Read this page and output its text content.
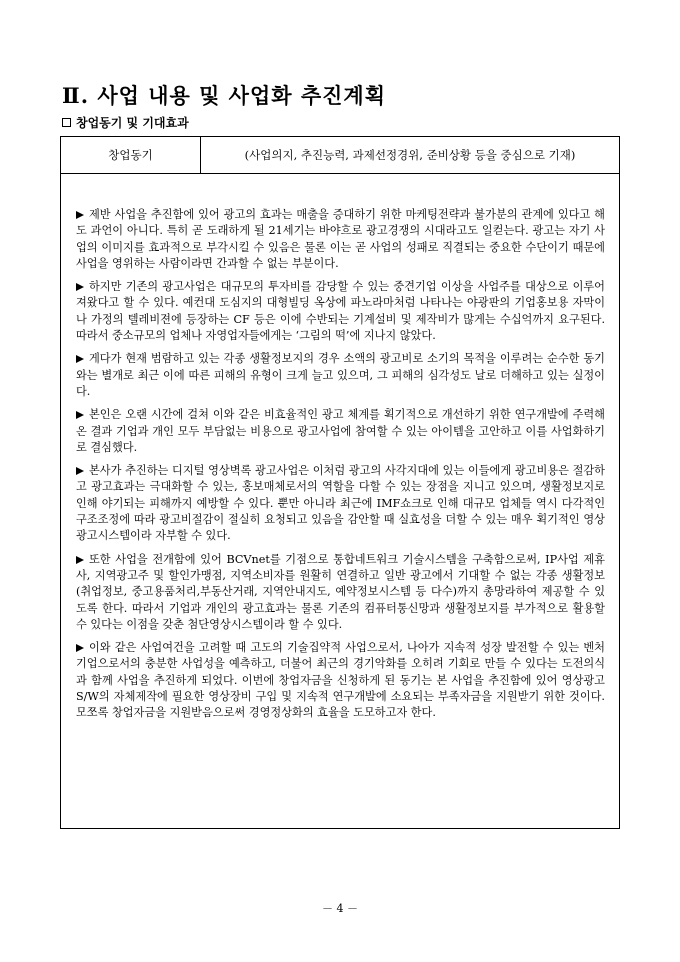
Ⅱ. 사업 내용 및 사업화 추진계획
창업동기 및 기대효과
창업동기	(사업의지, 추진능력, 과제선정경위, 준비상황 등을 중심으로 기재)

제반 사업을 추진함에 있어 광고의 효과는 매출을 증대하기 위한 마케팅전략과 불가분의 관계에 있다고 해도 과언이 아니다. 특히 곧 도래하게 될 21세기는 바야흐로 광고경쟁의 시대라고도 일컫는다. 광고는 자기 사업의 이미지를 효과적으로 부각시킬 수 있음은 물론 이는 곧 사업의 성패로 직결되는 중요한 수단이기 때문에 사업을 영위하는 사람이라면 간과할 수 없는 부분이다.

하지만 기존의 광고사업은 대규모의 투자비를 감당할 수 있는 중견기업 이상을 사업주를 대상으로 이루어져왔다고 할 수 있다. 예컨대 도심지의 대형빌딩 옥상에 파노라마처럼 나타나는 야광판의 기업홍보용 자막이나 가정의 텔레비젼에 등장하는 CF 등은 이에 수반되는 기계설비 및 제작비가 많게는 수십억까지 요구된다. 따라서 중소규모의 업체나 자영업자들에게는 ‘그림의 떡’에 지나지 않았다.

게다가 현재 범람하고 있는 각종 생활정보지의 경우 소액의 광고비로 소기의 목적을 이루려는 순수한 동기와는 별개로 최근 이에 따른 피해의 유형이 크게 늘고 있으며, 그 피해의 심각성도 날로 더해하고 있는 실정이다.

본인은 오랜 시간에 걸쳐 이와 같은 비효율적인 광고 체계를 획기적으로 개선하기 위한 연구개발에 주력해온 결과 기업과 개인 모두 부담없는 비용으로 광고사업에 참여할 수 있는 아이템을 고안하고 이를 사업화하기로 결심했다.

본사가 추진하는 디지털 영상벽록 광고사업은 이처럼 광고의 사각지대에 있는 이들에게 광고비용은 절감하고 광고효과는 극대화할 수 있는, 홍보매체로서의 역할을 다할 수 있는 장점을 지니고 있으며, 생활정보지로 인해 야기되는 피해까지 예방할 수 있다. 뿐만 아니라 최근에 IMF쇼크로 인해 대규모 업체들 역시 다각적인 구조조정에 따라 광고비절감이 절실히 요청되고 있음을 감안할 때 실효성을 더할 수 있는 매우 획기적인 영상광고시스템이라 자부할 수 있다.

또한 사업을 전개함에 있어 BCVnet를 기점으로 통합네트워크 기술시스템을 구축함으로써, IP사업 제휴사, 지역광고주 및 할인가맹점, 지역소비자를 원활히 연결하고 일반 광고에서 기대할 수 없는 각종 생활정보(취업정보, 중고용품처리,부동산거래, 지역안내지도, 예약정보시스템 등 다수)까지 총망라하여 제공할 수 있도록 한다. 따라서 기업과 개인의 광고효과는 물론 기존의 컴퓨터통신망과 생활정보지를 부가적으로 활용할 수 있다는 이점을 갖춘 첨단영상시스템이라 할 수 있다.

이와 같은 사업여건을 고려할 때 고도의 기술집약적 사업으로서, 나아가 지속적 성장 발전할 수 있는 벤처기업으로서의 충분한 사업성을 예측하고, 더불어 최근의 경기악화를 오히려 기회로 만들 수 있다는 도전의식과 함께 사업을 추진하게 되었다. 이번에 창업자금을 신청하게 된 동기는 본 사업을 추진함에 있어 영상광고S/W의 자체제작에 필요한 영상장비 구입 및 지속적 연구개발에 소요되는 부족자금을 지원받기 위한 것이다. 모쪼록 창업자금을 지원받음으로써 경영정상화의 효율을 도모하고자 한다.

－ 4 －
